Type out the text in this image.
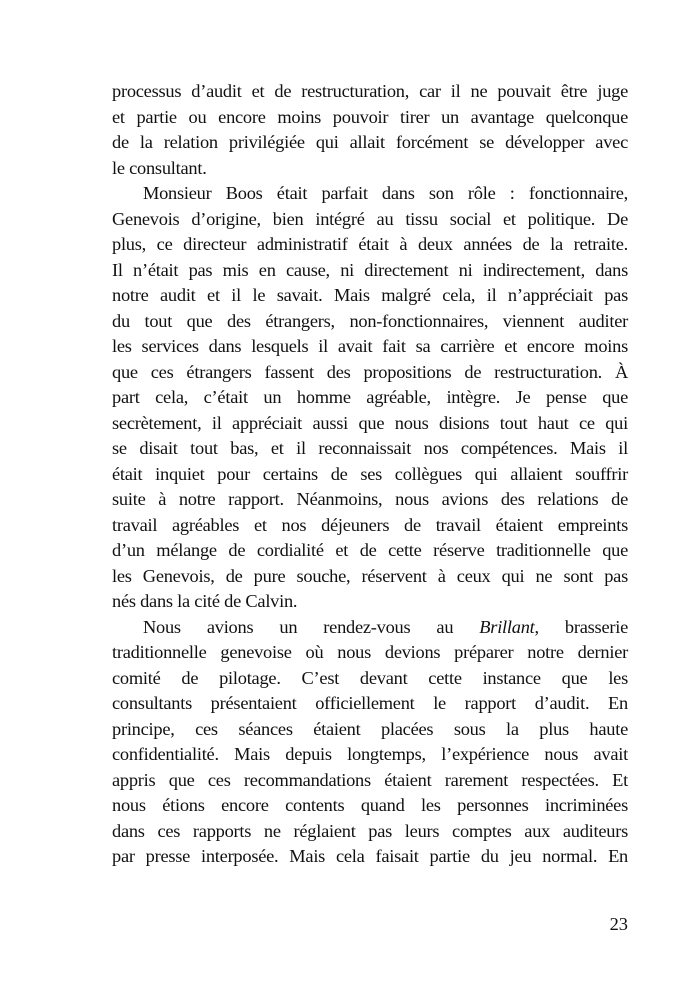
processus d’audit et de restructuration, car il ne pouvait être juge
et partie ou encore moins pouvoir tirer un avantage quelconque
de la relation privilégiée qui allait forcément se développer avec
le consultant.
Monsieur Boos était parfait dans son rôle : fonctionnaire,
Genevois d’origine, bien intégré au tissu social et politique. De
plus, ce directeur administratif était à deux années de la retraite.
Il n’était pas mis en cause, ni directement ni indirectement, dans
notre audit et il le savait. Mais malgré cela, il n’appréciait pas
du tout que des étrangers, non-fonctionnaires, viennent auditer
les services dans lesquels il avait fait sa carrière et encore moins
que ces étrangers fassent des propositions de restructuration. À
part cela, c’était un homme agréable, intègre. Je pense que
secrètement, il appréciait aussi que nous disions tout haut ce qui
se disait tout bas, et il reconnaissait nos compétences. Mais il
était inquiet pour certains de ses collègues qui allaient souffrir
suite à notre rapport. Néanmoins, nous avions des relations de
travail agréables et nos déjeuners de travail étaient empreints
d’un mélange de cordialité et de cette réserve traditionnelle que
les Genevois, de pure souche, réservent à ceux qui ne sont pas
nés dans la cité de Calvin.
Nous avions un rendez-vous au Brillant, brasserie
traditionnelle genevoise où nous devions préparer notre dernier
comité de pilotage. C’est devant cette instance que les
consultants présentaient officiellement le rapport d’audit. En
principe, ces séances étaient placées sous la plus haute
confidentialité. Mais depuis longtemps, l’expérience nous avait
appris que ces recommandations étaient rarement respectées. Et
nous étions encore contents quand les personnes incriminées
dans ces rapports ne réglaient pas leurs comptes aux auditeurs
par presse interposée. Mais cela faisait partie du jeu normal. En
23
